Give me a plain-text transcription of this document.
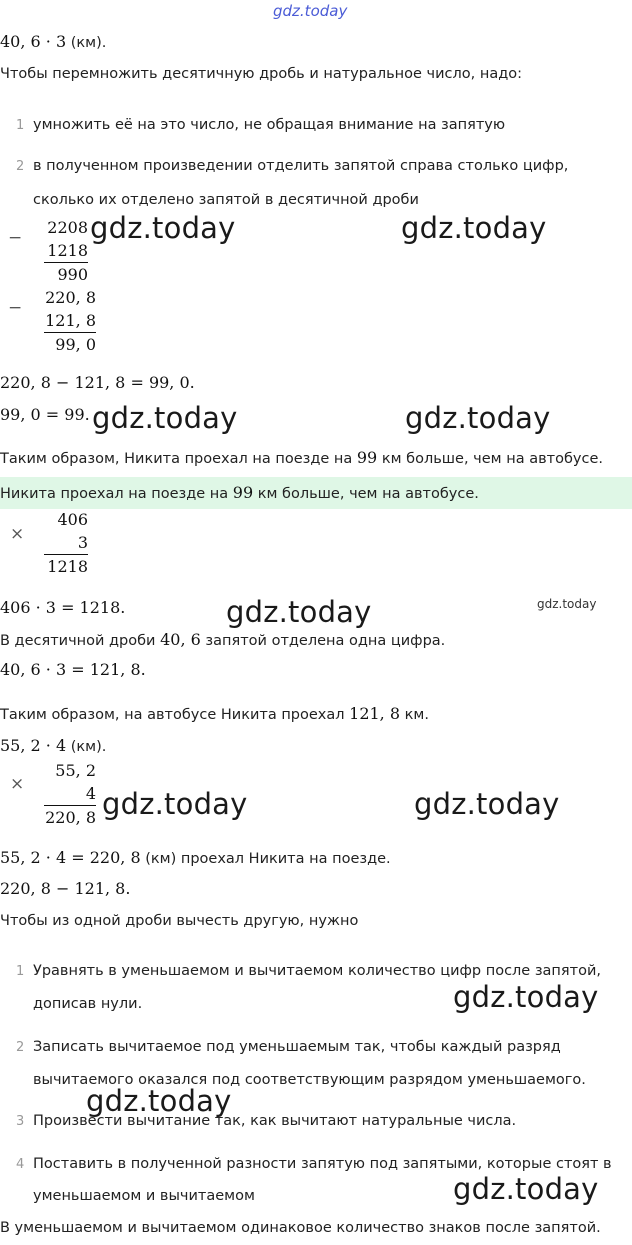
gdz.today
40, 6 · 3 (км).
Чтобы перемножить десятичную дробь и натуральное число, надо:
1 умножить её на это число, не обращая внимание на запятую
2 в полученном произведении отделить запятой справа столько цифр,
сколько их отделено запятой в десятичной дроби
−
2208
1218
990
gdz.today	gdz.today
−
220, 8
121, 8
99, 0
220, 8 − 121, 8 = 99, 0.
99, 0 = 99. gdz.today	gdz.today
Таким образом, Никита проехал на поезде на 99 км больше, чем на автобусе.
Никита проехал на поезде на 99 км больше, чем на автобусе.
×
406
3
1218
406 · 3 = 1218.	gdz.today	gdz.today
В десятичной дроби 40, 6 запятой отделена одна цифра.
40, 6 · 3 = 121, 8.
Таким образом, на автобусе Никита проехал 121, 8 км.
55, 2 · 4 (км).
×
55, 2
4
220, 8 gdz.today	gdz.today
55, 2 · 4 = 220, 8 (км) проехал Никита на поезде.
220, 8 − 121, 8.
Чтобы из одной дроби вычесть другую, нужно
1 Уравнять в уменьшаемом и вычитаемом количество цифр после запятой,
дописав нули.	gdz.today
2 Записать вычитаемое под уменьшаемым так, чтобы каждый разряд
вычитаемого оказался под соответствующим разрядом уменьшаемого.
gdz.today
3 Произвести вычитание так, как вычитают натуральные числа.
4 Поставить в полученной разности запятую под запятыми, которые стоят в
уменьшаемом и вычитаемом	gdz.today
В уменьшаемом и вычитаемом одинаковое количество знаков после запятой.
